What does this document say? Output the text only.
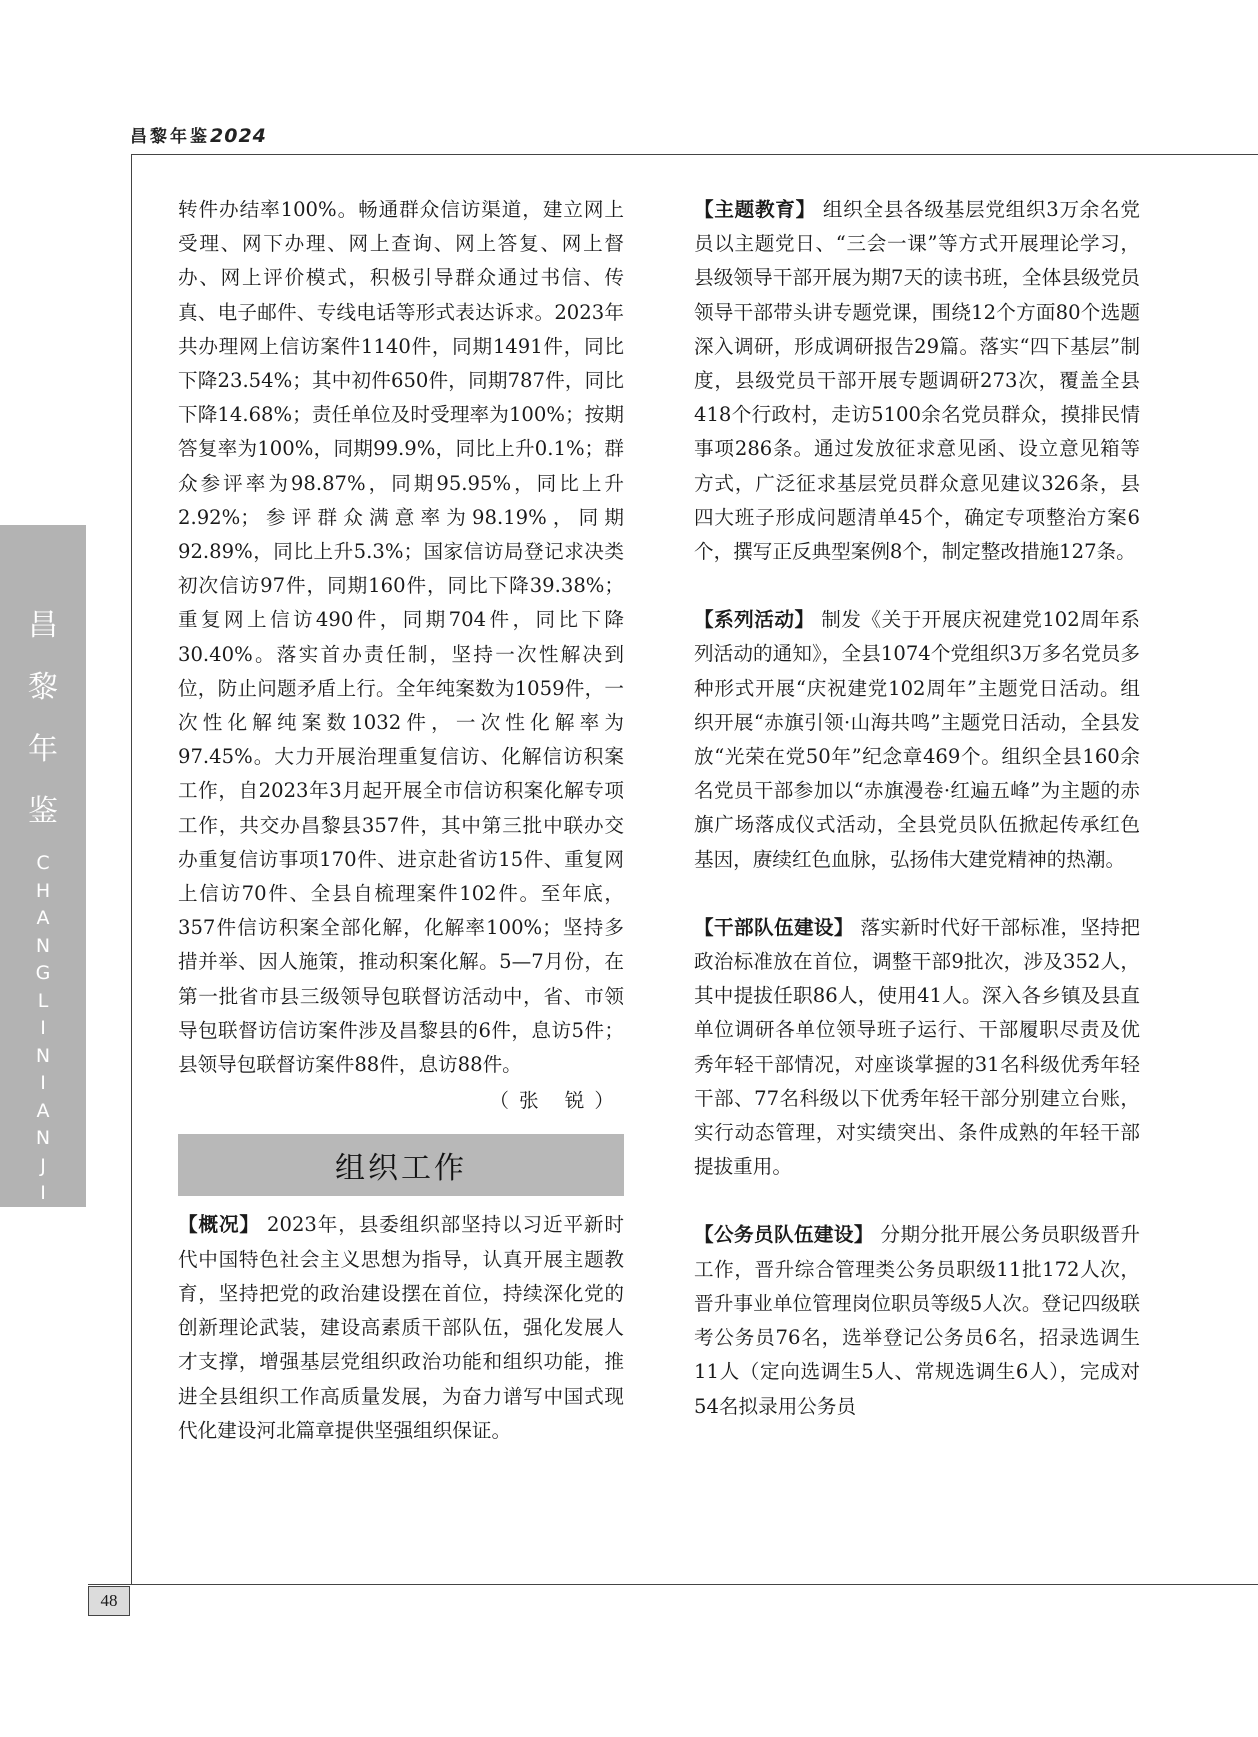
昌黎年鉴2024
昌
黎
年
鉴
C
H
A
N
G
L
I
N
I
A
N
J
I
A
N

转件办结率100%。畅通群众信访渠道，建立网上受理、网下办理、网上查询、网上答复、网上督办、网上评价模式，积极引导群众通过书信、传真、电子邮件、专线电话等形式表达诉求。2023年共办理网上信访案件1140件，同期1491件，同比下降23.54%；其中初件650件，同期787件，同比下降14.68%；责任单位及时受理率为100%；按期答复率为100%，同期99.9%，同比上升0.1%；群众参评率为98.87%，同期95.95%，同比上升2.92%；参评群众满意率为98.19%，同期92.89%，同比上升5.3%；国家信访局登记求决类初次信访97件，同期160件，同比下降39.38%；重复网上信访490件，同期704件，同比下降30.40%。落实首办责任制，坚持一次性解决到位，防止问题矛盾上行。全年纯案数为1059件，一次性化解纯案数1032件，一次性化解率为97.45%。大力开展治理重复信访、化解信访积案工作，自2023年3月起开展全市信访积案化解专项工作，共交办昌黎县357件，其中第三批中联办交办重复信访事项170件、进京赴省访15件、重复网上信访70件、全县自梳理案件102件。至年底，357件信访积案全部化解，化解率100%；坚持多措并举、因人施策，推动积案化解。5—7月份，在第一批省市县三级领导包联督访活动中，省、市领导包联督访信访案件涉及昌黎县的6件，息访5件；县领导包联督访案件88件，息访88件。

（张 锐）

组织工作

【概况】 2023年，县委组织部坚持以习近平新时代中国特色社会主义思想为指导，认真开展主题教育，坚持把党的政治建设摆在首位，持续深化党的创新理论武装，建设高素质干部队伍，强化发展人才支撑，增强基层党组织政治功能和组织功能，推进全县组织工作高质量发展，为奋力谱写中国式现代化建设河北篇章提供坚强组织保证。

【主题教育】 组织全县各级基层党组织3万余名党员以主题党日、“三会一课”等方式开展理论学习，县级领导干部开展为期7天的读书班，全体县级党员领导干部带头讲专题党课，围绕12个方面80个选题深入调研，形成调研报告29篇。落实“四下基层”制度，县级党员干部开展专题调研273次，覆盖全县418个行政村，走访5100余名党员群众，摸排民情事项286条。通过发放征求意见函、设立意见箱等方式，广泛征求基层党员群众意见建议326条，县四大班子形成问题清单45个，确定专项整治方案6个，撰写正反典型案例8个，制定整改措施127条。

【系列活动】 制发《关于开展庆祝建党102周年系列活动的通知》，全县1074个党组织3万多名党员多种形式开展“庆祝建党102周年”主题党日活动。组织开展“赤旗引领·山海共鸣”主题党日活动，全县发放“光荣在党50年”纪念章469个。组织全县160余名党员干部参加以“赤旗漫卷·红遍五峰”为主题的赤旗广场落成仪式活动，全县党员队伍掀起传承红色基因，赓续红色血脉，弘扬伟大建党精神的热潮。

【干部队伍建设】 落实新时代好干部标准，坚持把政治标准放在首位，调整干部9批次，涉及352人，其中提拔任职86人，使用41人。深入各乡镇及县直单位调研各单位领导班子运行、干部履职尽责及优秀年轻干部情况，对座谈掌握的31名科级优秀年轻干部、77名科级以下优秀年轻干部分别建立台账，实行动态管理，对实绩突出、条件成熟的年轻干部提拔重用。

【公务员队伍建设】 分期分批开展公务员职级晋升工作，晋升综合管理类公务员职级11批172人次，晋升事业单位管理岗位职员等级5人次。登记四级联考公务员76名，选举登记公务员6名，招录选调生11人（定向选调生5人、常规选调生6人），完成对54名拟录用公务员

48
